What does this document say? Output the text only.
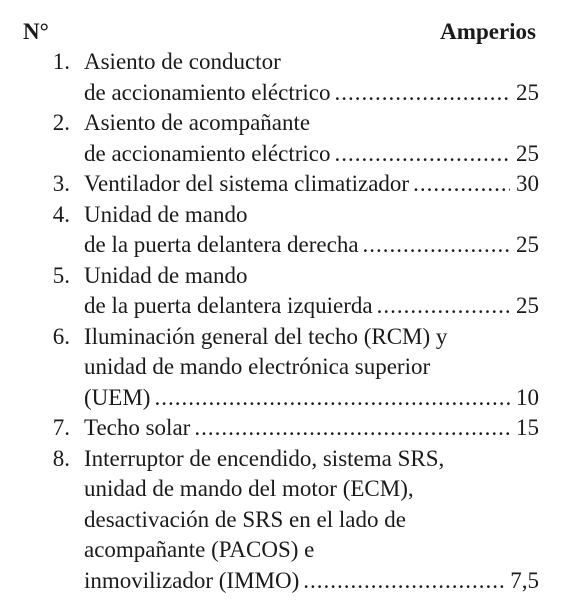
N°	Amperios
1. Asiento de conductor
de accionamiento eléctrico .....	25
2. Asiento de acompañante
de accionamiento eléctrico .....	25
3. Ventilador del sistema climatizador .....	30
4. Unidad de mando
de la puerta delantera derecha .....	25
5. Unidad de mando
de la puerta delantera izquierda .....	25
6. Iluminación general del techo (RCM) y
unidad de mando electrónica superior
(UEM) .....	10
7. Techo solar .....	15
8. Interruptor de encendido, sistema SRS,
unidad de mando del motor (ECM),
desactivación de SRS en el lado de
acompañante (PACOS) e
inmovilizador (IMMO) .....	7,5
